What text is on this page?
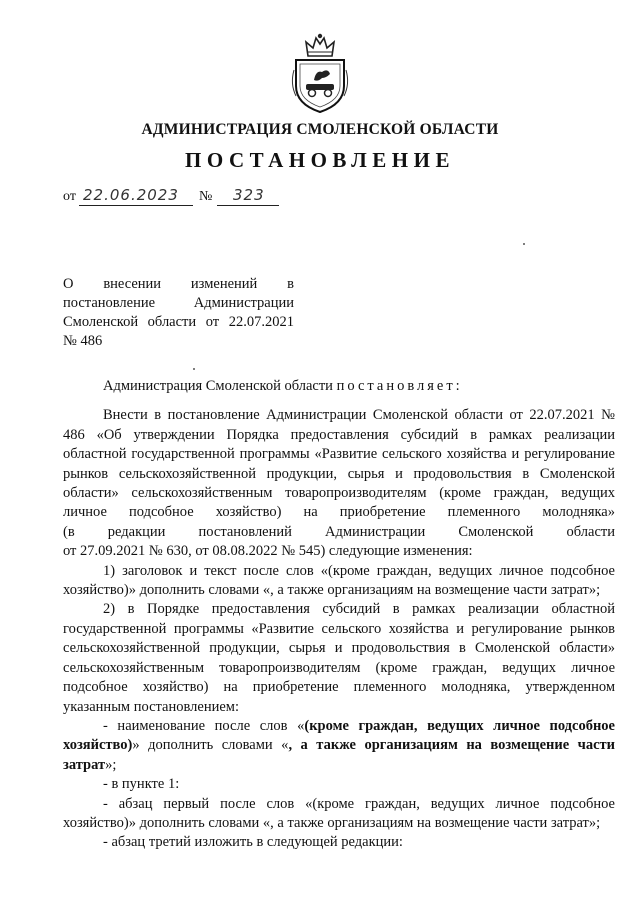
АДМИНИСТРАЦИЯ СМОЛЕНСКОЙ ОБЛАСТИ
ПОСТАНОВЛЕНИЕ
от 22.06.2023 № 323
О внесении изменений в
постановление Администрации
Смоленской области от 22.07.2021
№ 486

Администрация Смоленской области постановляет:

Внести в постановление Администрации Смоленской области от 22.07.2021 № 486 «Об утверждении Порядка предоставления субсидий в рамках реализации областной государственной программы «Развитие сельского хозяйства и регулирование рынков сельскохозяйственной продукции, сырья и продовольствия в Смоленской области» сельскохозяйственным товаропроизводителям (кроме граждан, ведущих личное подсобное хозяйство) на приобретение племенного молодняка»

(в редакции постановлений Администрации Смоленской области

от 27.09.2021 № 630, от 08.08.2022 № 545) следующие изменения:

1) заголовок и текст после слов «(кроме граждан, ведущих личное подсобное хозяйство)» дополнить словами «, а также организациям на возмещение части затрат»;

2) в Порядке предоставления субсидий в рамках реализации областной государственной программы «Развитие сельского хозяйства и регулирование рынков сельскохозяйственной продукции, сырья и продовольствия в Смоленской области» сельскохозяйственным товаропроизводителям (кроме граждан, ведущих личное подсобное хозяйство) на приобретение племенного молодняка, утвержденном указанным постановлением:

- наименование после слов «(кроме граждан, ведущих личное подсобное хозяйство)» дополнить словами «, а также организациям на возмещение части затрат»;

- в пункте 1:

- абзац первый после слов «(кроме граждан, ведущих личное подсобное хозяйство)» дополнить словами «, а также организациям на возмещение части затрат»;

- абзац третий изложить в следующей редакции:
